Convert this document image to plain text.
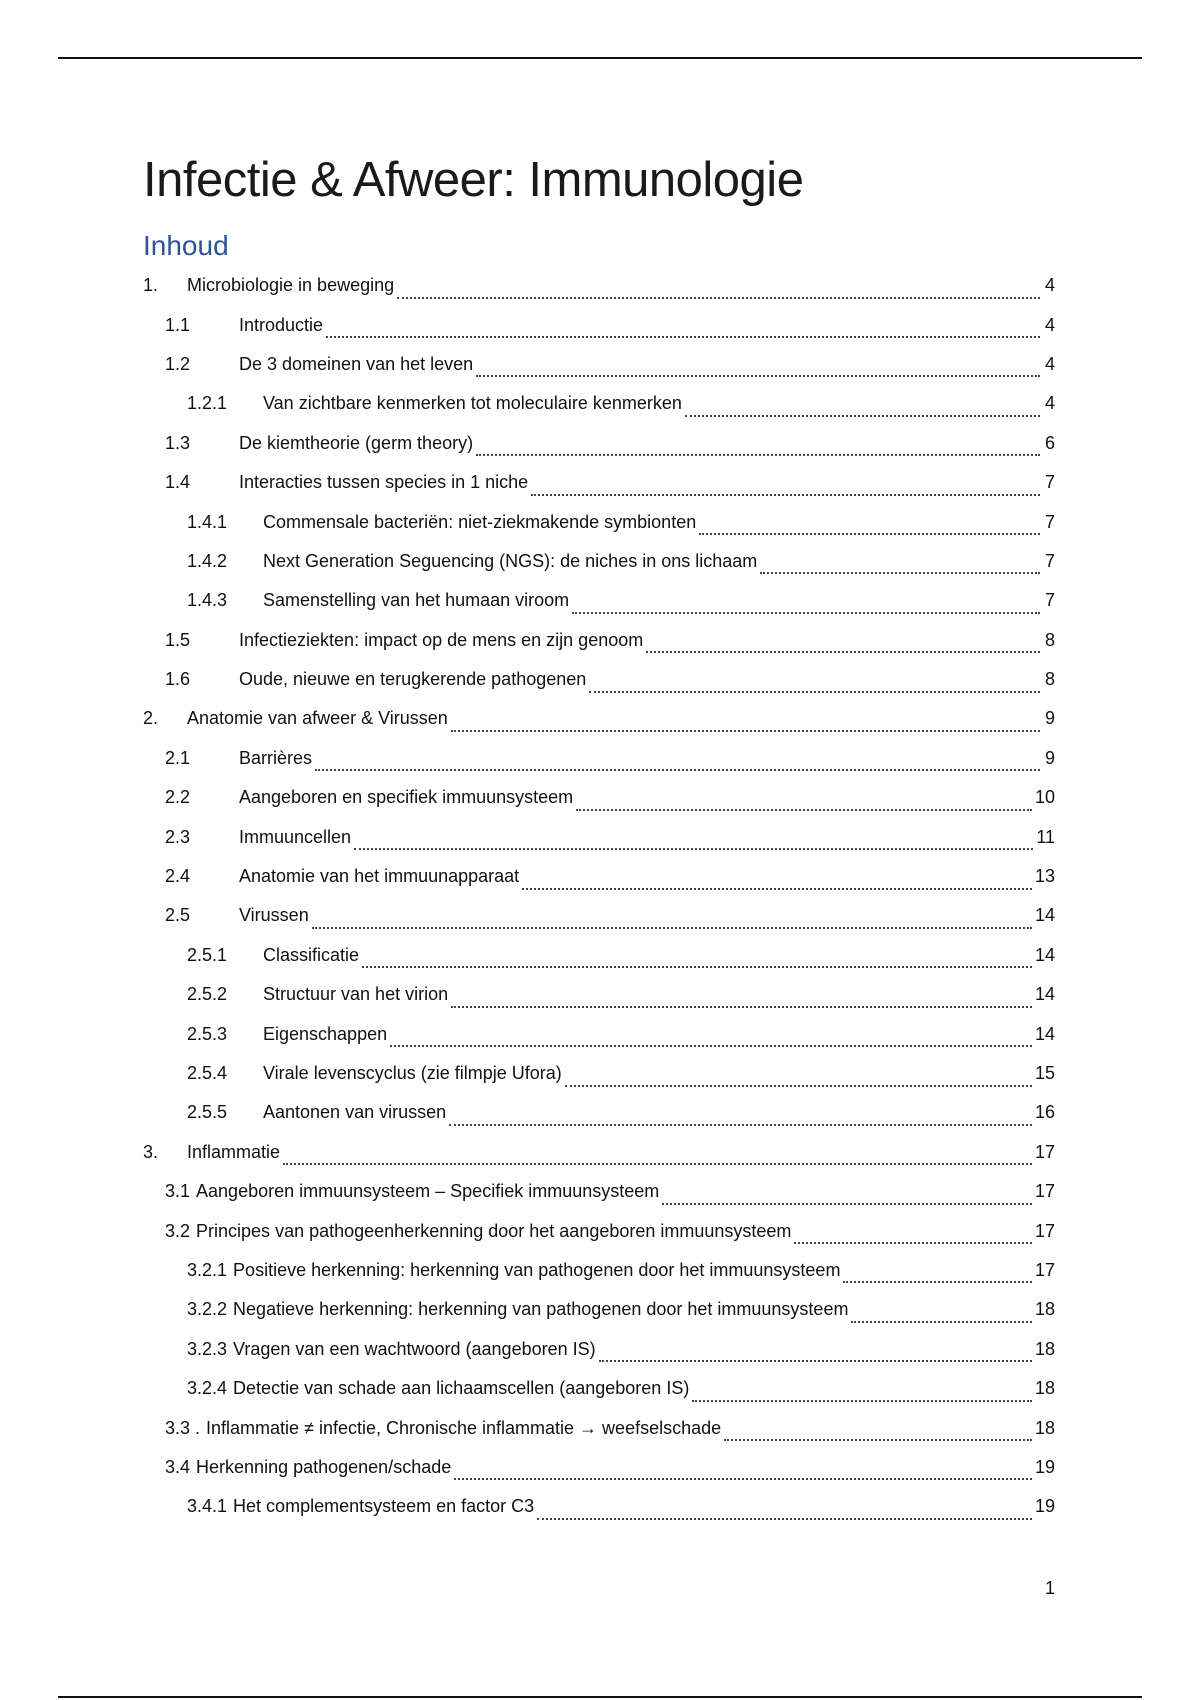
Infectie & Afweer: Immunologie
Inhoud
1.	Microbiologie in beweging	4
1.1	Introductie	4
1.2	De 3 domeinen van het leven	4
1.2.1	Van zichtbare kenmerken tot moleculaire kenmerken	4
1.3	De kiemtheorie (germ theory)	6
1.4	Interacties tussen species in 1 niche	7
1.4.1	Commensale bacteriën: niet-ziekmakende symbionten	7
1.4.2	Next Generation Seguencing (NGS): de niches in ons lichaam	7
1.4.3	Samenstelling van het humaan viroom	7
1.5	Infectieziekten: impact op de mens en zijn genoom	8
1.6	Oude, nieuwe en terugkerende pathogenen	8
2.	Anatomie van afweer & Virussen	9
2.1	Barrières	9
2.2	Aangeboren en specifiek immuunsysteem	10
2.3	Immuuncellen	11
2.4	Anatomie van het immuunapparaat	13
2.5	Virussen	14
2.5.1	Classificatie	14
2.5.2	Structuur van het virion	14
2.5.3	Eigenschappen	14
2.5.4	Virale levenscyclus (zie filmpje Ufora)	15
2.5.5	Aantonen van virussen	16
3.	Inflammatie	17
3.1 Aangeboren immuunsysteem – Specifiek immuunsysteem	17
3.2 Principes van pathogeenherkenning door het aangeboren immuunsysteem	17
3.2.1 Positieve herkenning: herkenning van pathogenen door het immuunsysteem	17
3.2.2 Negatieve herkenning: herkenning van pathogenen door het immuunsysteem	18
3.2.3 Vragen van een wachtwoord (aangeboren IS)	18
3.2.4 Detectie van schade aan lichaamscellen (aangeboren IS)	18
3.3 . Inflammatie ≠ infectie, Chronische inflammatie → weefselschade	18
3.4 Herkenning pathogenen/schade	19
3.4.1 Het complementsysteem en factor C3	19
1
